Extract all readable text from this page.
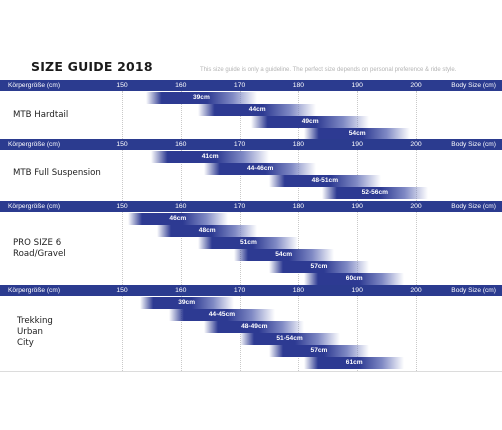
SIZE GUIDE 2018	This size guide is only a guideline. The perfect size depends on personal preference & ride style.
Körpergröße (cm)	Body Size (cm)
150	160	170	180	190	200
39cm
44cm
49cm
54cm
MTB Hardtail
Körpergröße (cm)	Body Size (cm)
150	160	170	180	190	200
41cm
44-46cm
48-51cm
52-56cm
MTB Full Suspension
Körpergröße (cm)	Body Size (cm)
150	160	170	180	190	200
46cm
48cm
51cm
54cm
57cm
60cm
PRO SIZE 6
Road/Gravel
Körpergröße (cm)	Body Size (cm)
150	160	170	180	190	200
39cm
44-45cm
48-49cm
51-54cm
57cm
61cm
Trekking
Urban
City
